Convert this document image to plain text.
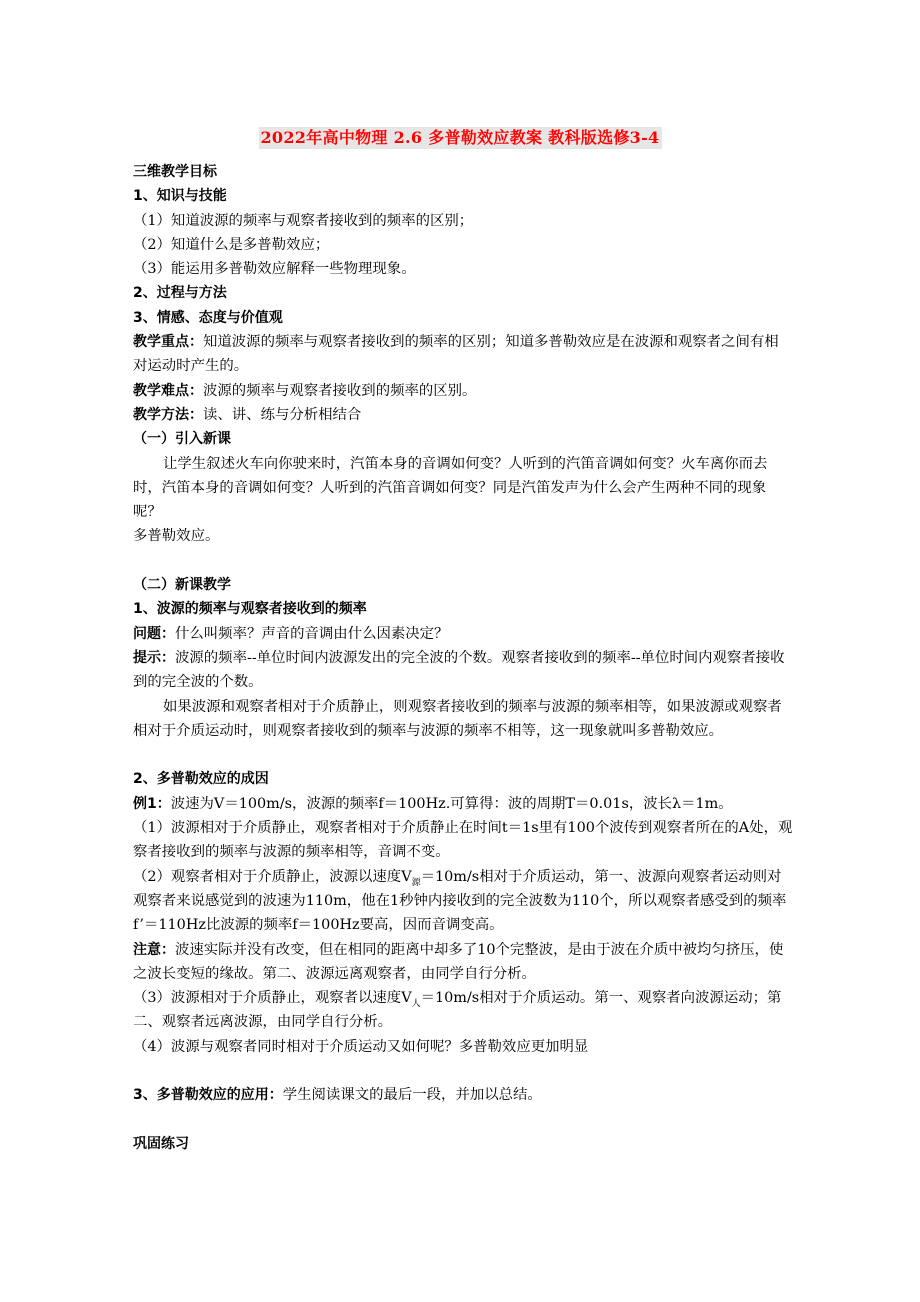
2022年高中物理 2.6 多普勒效应教案 教科版选修3-4

三维教学目标

1、知识与技能

（1）知道波源的频率与观察者接收到的频率的区别；

（2）知道什么是多普勒效应；

（3）能运用多普勒效应解释一些物理现象。

2、过程与方法

3、情感、态度与价值观

教学重点：知道波源的频率与观察者接收到的频率的区别；知道多普勒效应是在波源和观察者之间有相对运动时产生的。

教学难点：波源的频率与观察者接收到的频率的区别。

教学方法：读、讲、练与分析相结合

（一）引入新课

让学生叙述火车向你驶来时，汽笛本身的音调如何变？人听到的汽笛音调如何变？火车离你而去时，汽笛本身的音调如何变？人听到的汽笛音调如何变？同是汽笛发声为什么会产生两种不同的现象呢？

多普勒效应。

（二）新课教学

1、波源的频率与观察者接收到的频率

问题：什么叫频率？声音的音调由什么因素决定？

提示：波源的频率--单位时间内波源发出的完全波的个数。观察者接收到的频率--单位时间内观察者接收到的完全波的个数。

如果波源和观察者相对于介质静止，则观察者接收到的频率与波源的频率相等，如果波源或观察者相对于介质运动时，则观察者接收到的频率与波源的频率不相等，这一现象就叫多普勒效应。

2、多普勒效应的成因

例1：波速为V＝100m/s，波源的频率f＝100Hz.可算得：波的周期T＝0.01s，波长λ＝1m。

（1）波源相对于介质静止，观察者相对于介质静止在时间t＝1s里有100个波传到观察者所在的A处，观察者接收到的频率与波源的频率相等，音调不变。

（2）观察者相对于介质静止，波源以速度$V_源=10m/s$相对于介质运动，第一、波源向观察者运动则对观察者来说感觉到的波速为110m，他在1秒钟内接收到的完全波数为110个，所以观察者感受到的频率f’＝110Hz比波源的频率f＝100Hz要高，因而音调变高。

注意：波速实际并没有改变，但在相同的距离中却多了10个完整波，是由于波在介质中被均匀挤压，使之波长变短的缘故。第二、波源远离观察者，由同学自行分析。

（3）波源相对于介质静止，观察者以速度$V_人=10m/s$相对于介质运动。第一、观察者向波源运动；第二、观察者远离波源，由同学自行分析。

（4）波源与观察者同时相对于介质运动又如何呢？多普勒效应更加明显

3、多普勒效应的应用：学生阅读课文的最后一段，并加以总结。

巩固练习
